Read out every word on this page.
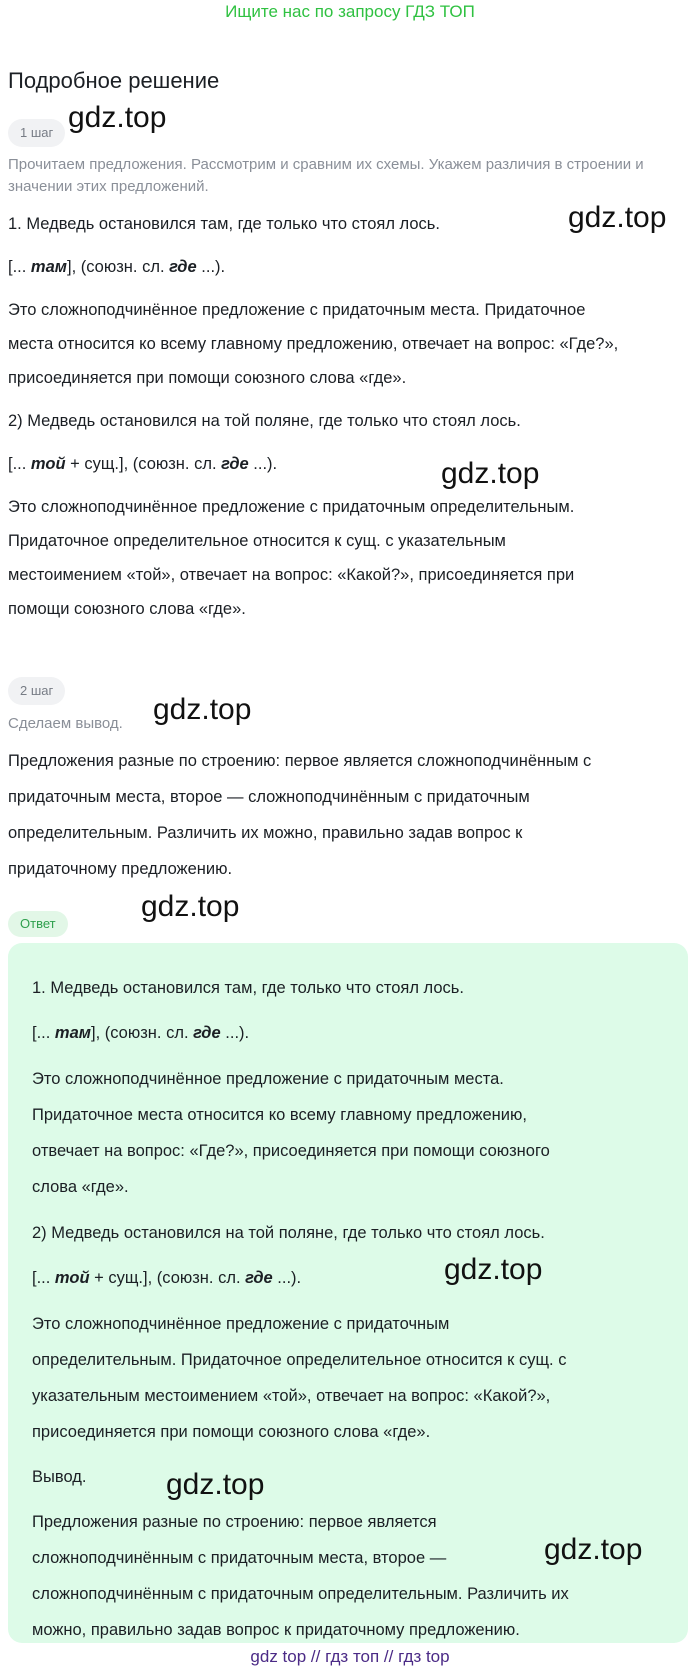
Ищите нас по запросу ГДЗ ТОП
Подробное решение
1 шаг
Прочитаем предложения. Рассмотрим и сравним их схемы. Укажем различия в строении и значении этих предложений.
1. Медведь остановился там, где только что стоял лось.
[... там], (союзн. сл. где ...).
Это сложноподчинённое предложение с придаточным места. Придаточное
места относится ко всему главному предложению, отвечает на вопрос: «Где?»,
присоединяется при помощи союзного слова «где».
2) Медведь остановился на той поляне, где только что стоял лось.
[... той + сущ.], (союзн. сл. где ...).
Это сложноподчинённое предложение с придаточным определительным.
Придаточное определительное относится к сущ. с указательным
местоимением «той», отвечает на вопрос: «Какой?», присоединяется при
помощи союзного слова «где».
2 шаг
Сделаем вывод.
Предложения разные по строению: первое является сложноподчинённым с
придаточным места, второе — сложноподчинённым с придаточным
определительным. Различить их можно, правильно задав вопрос к
придаточному предложению.
Ответ
1. Медведь остановился там, где только что стоял лось.
[... там], (союзн. сл. где ...).
Это сложноподчинённое предложение с придаточным места.
Придаточное места относится ко всему главному предложению,
отвечает на вопрос: «Где?», присоединяется при помощи союзного
слова «где».
2) Медведь остановился на той поляне, где только что стоял лось.
[... той + сущ.], (союзн. сл. где ...).
Это сложноподчинённое предложение с придаточным
определительным. Придаточное определительное относится к сущ. с
указательным местоимением «той», отвечает на вопрос: «Какой?»,
присоединяется при помощи союзного слова «где».
Вывод.
Предложения разные по строению: первое является
сложноподчинённым с придаточным места, второе —
сложноподчинённым с придаточным определительным. Различить их
можно, правильно задав вопрос к придаточному предложению.
gdz.top
gdz.top
gdz.top
gdz.top
gdz.top
gdz.top
gdz.top
gdz.top
gdz top // гдз топ // гдз top
